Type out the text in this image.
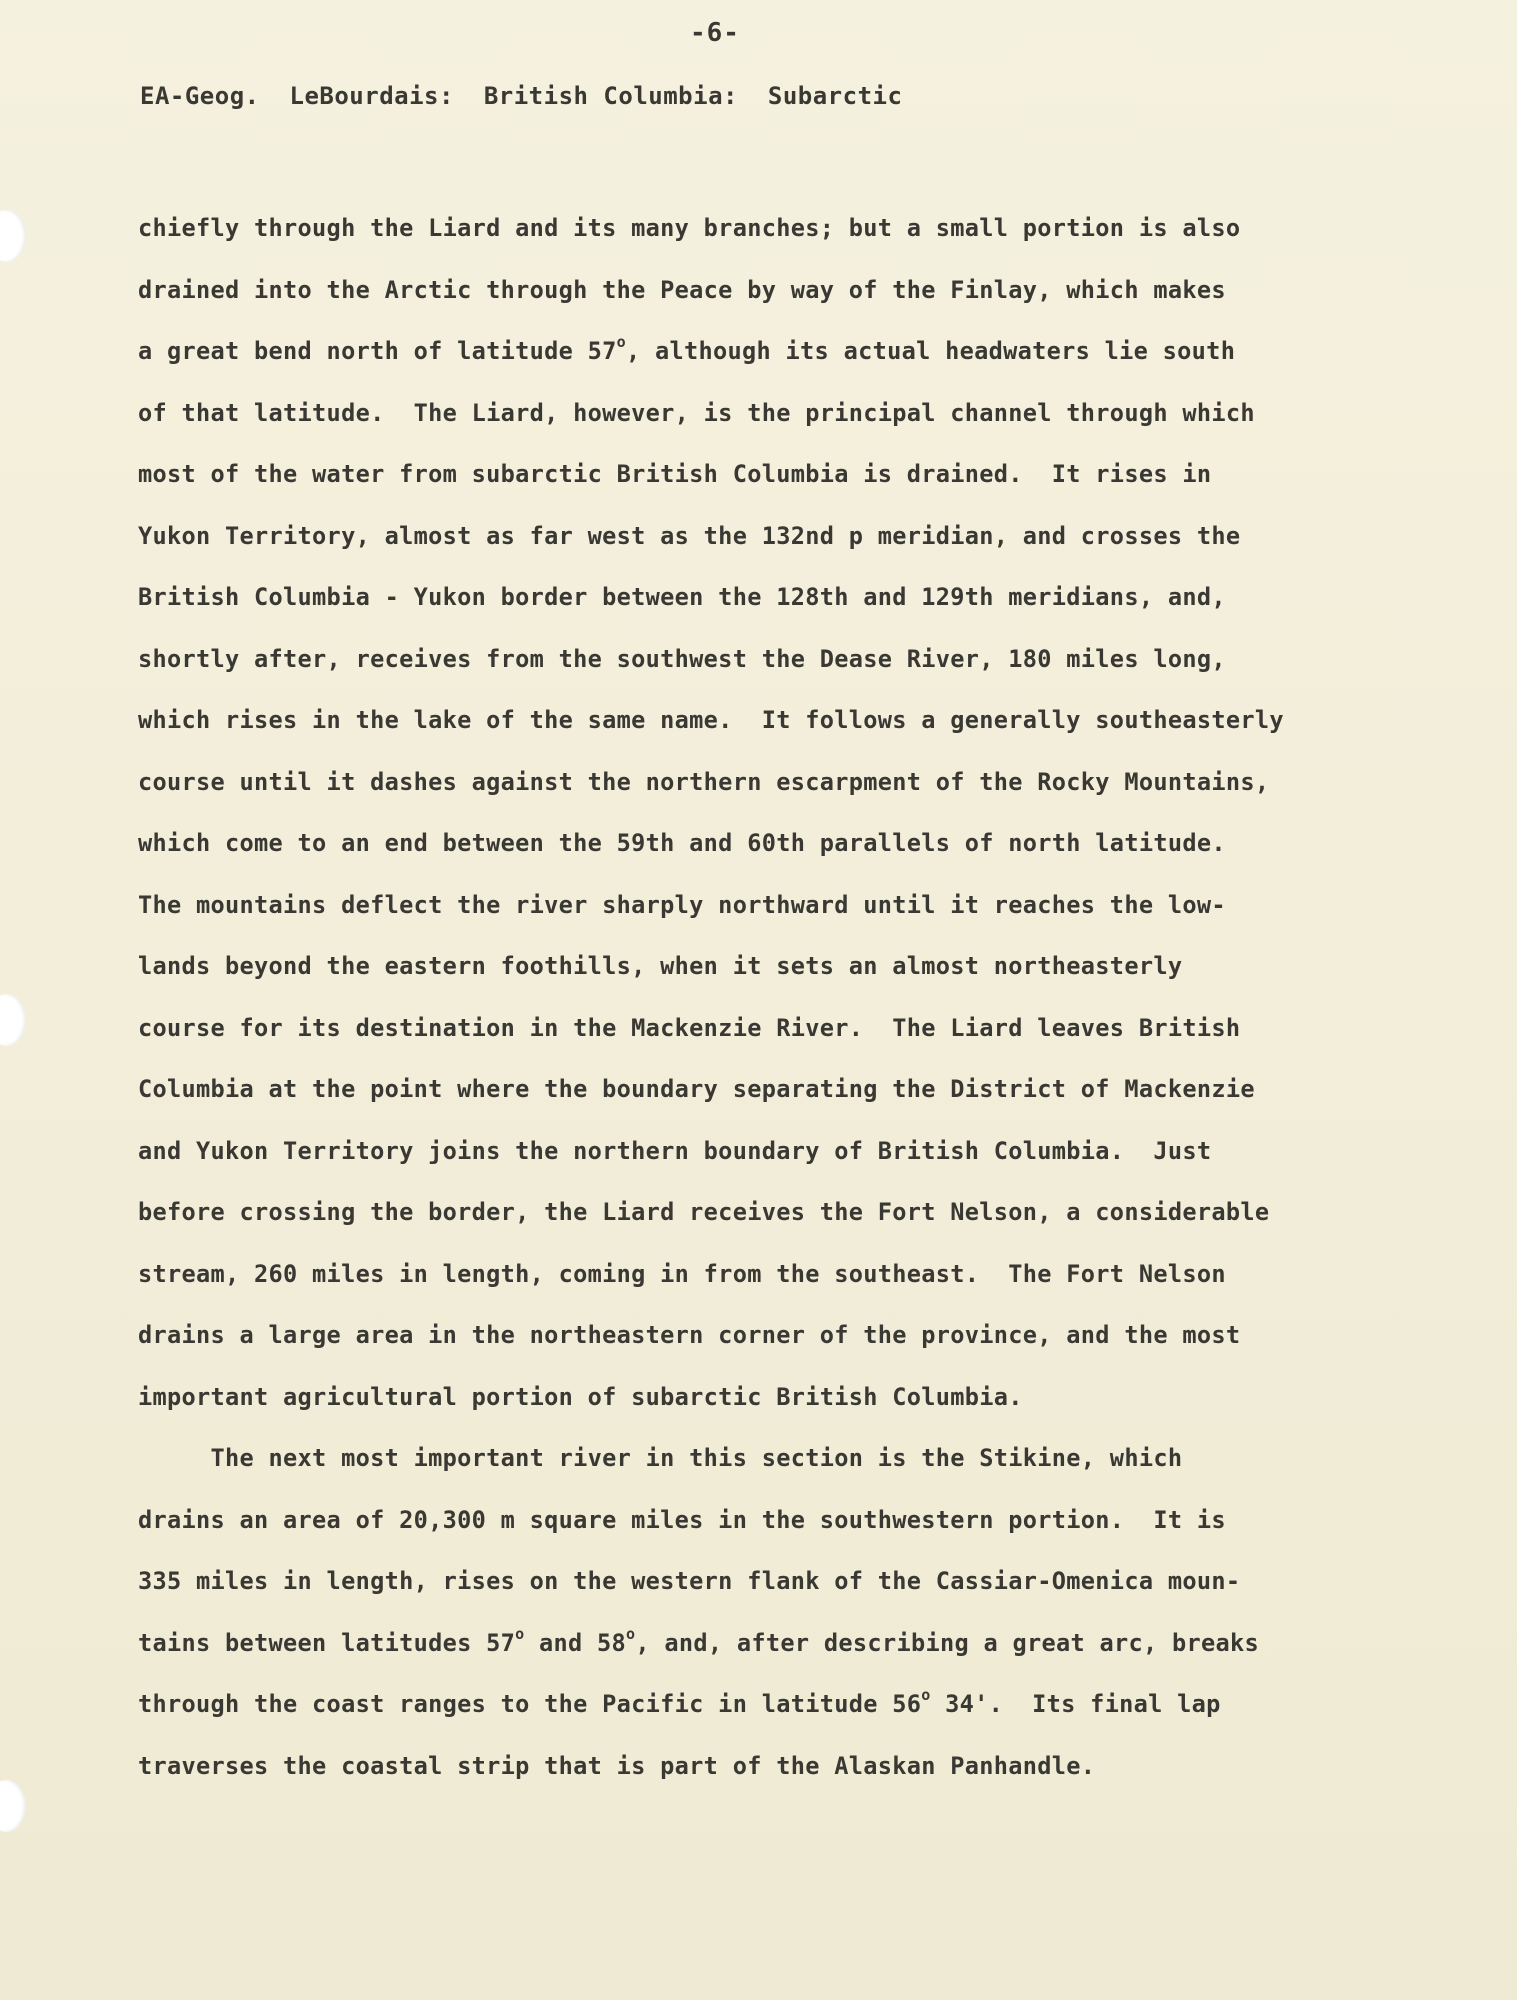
-6-
EA-Geog.  LeBourdais:  British Columbia:  Subarctic
chiefly through the Liard and its many branches; but a small portion is also
drained into the Arctic through the Peace by way of the Finlay, which makes
a great bend north of latitude 57$^o$, although its actual headwaters lie south
of that latitude.  The Liard, however, is the principal channel through which
most of the water from subarctic British Columbia is drained.  It rises in
Yukon Territory, almost as far west as the 132nd p meridian, and crosses the
British Columbia - Yukon border between the 128th and 129th meridians, and,
shortly after, receives from the southwest the Dease River, 180 miles long,
which rises in the lake of the same name.  It follows a generally southeasterly
course until it dashes against the northern escarpment of the Rocky Mountains,
which come to an end between the 59th and 60th parallels of north latitude.
The mountains deflect the river sharply northward until it reaches the low-
lands beyond the eastern foothills, when it sets an almost northeasterly
course for its destination in the Mackenzie River.  The Liard leaves British
Columbia at the point where the boundary separating the District of Mackenzie
and Yukon Territory joins the northern boundary of British Columbia.  Just
before crossing the border, the Liard receives the Fort Nelson, a considerable
stream, 260 miles in length, coming in from the southeast.  The Fort Nelson
drains a large area in the northeastern corner of the province, and the most
important agricultural portion of subarctic British Columbia.
The next most important river in this section is the Stikine, which
drains an area of 20,300 m square miles in the southwestern portion.  It is
335 miles in length, rises on the western flank of the Cassiar-Omenica moun-
tains between latitudes 57$^o$ and 58$^o$, and, after describing a great arc, breaks
through the coast ranges to the Pacific in latitude 56$^o$ 34'.  Its final lap
traverses the coastal strip that is part of the Alaskan Panhandle.
